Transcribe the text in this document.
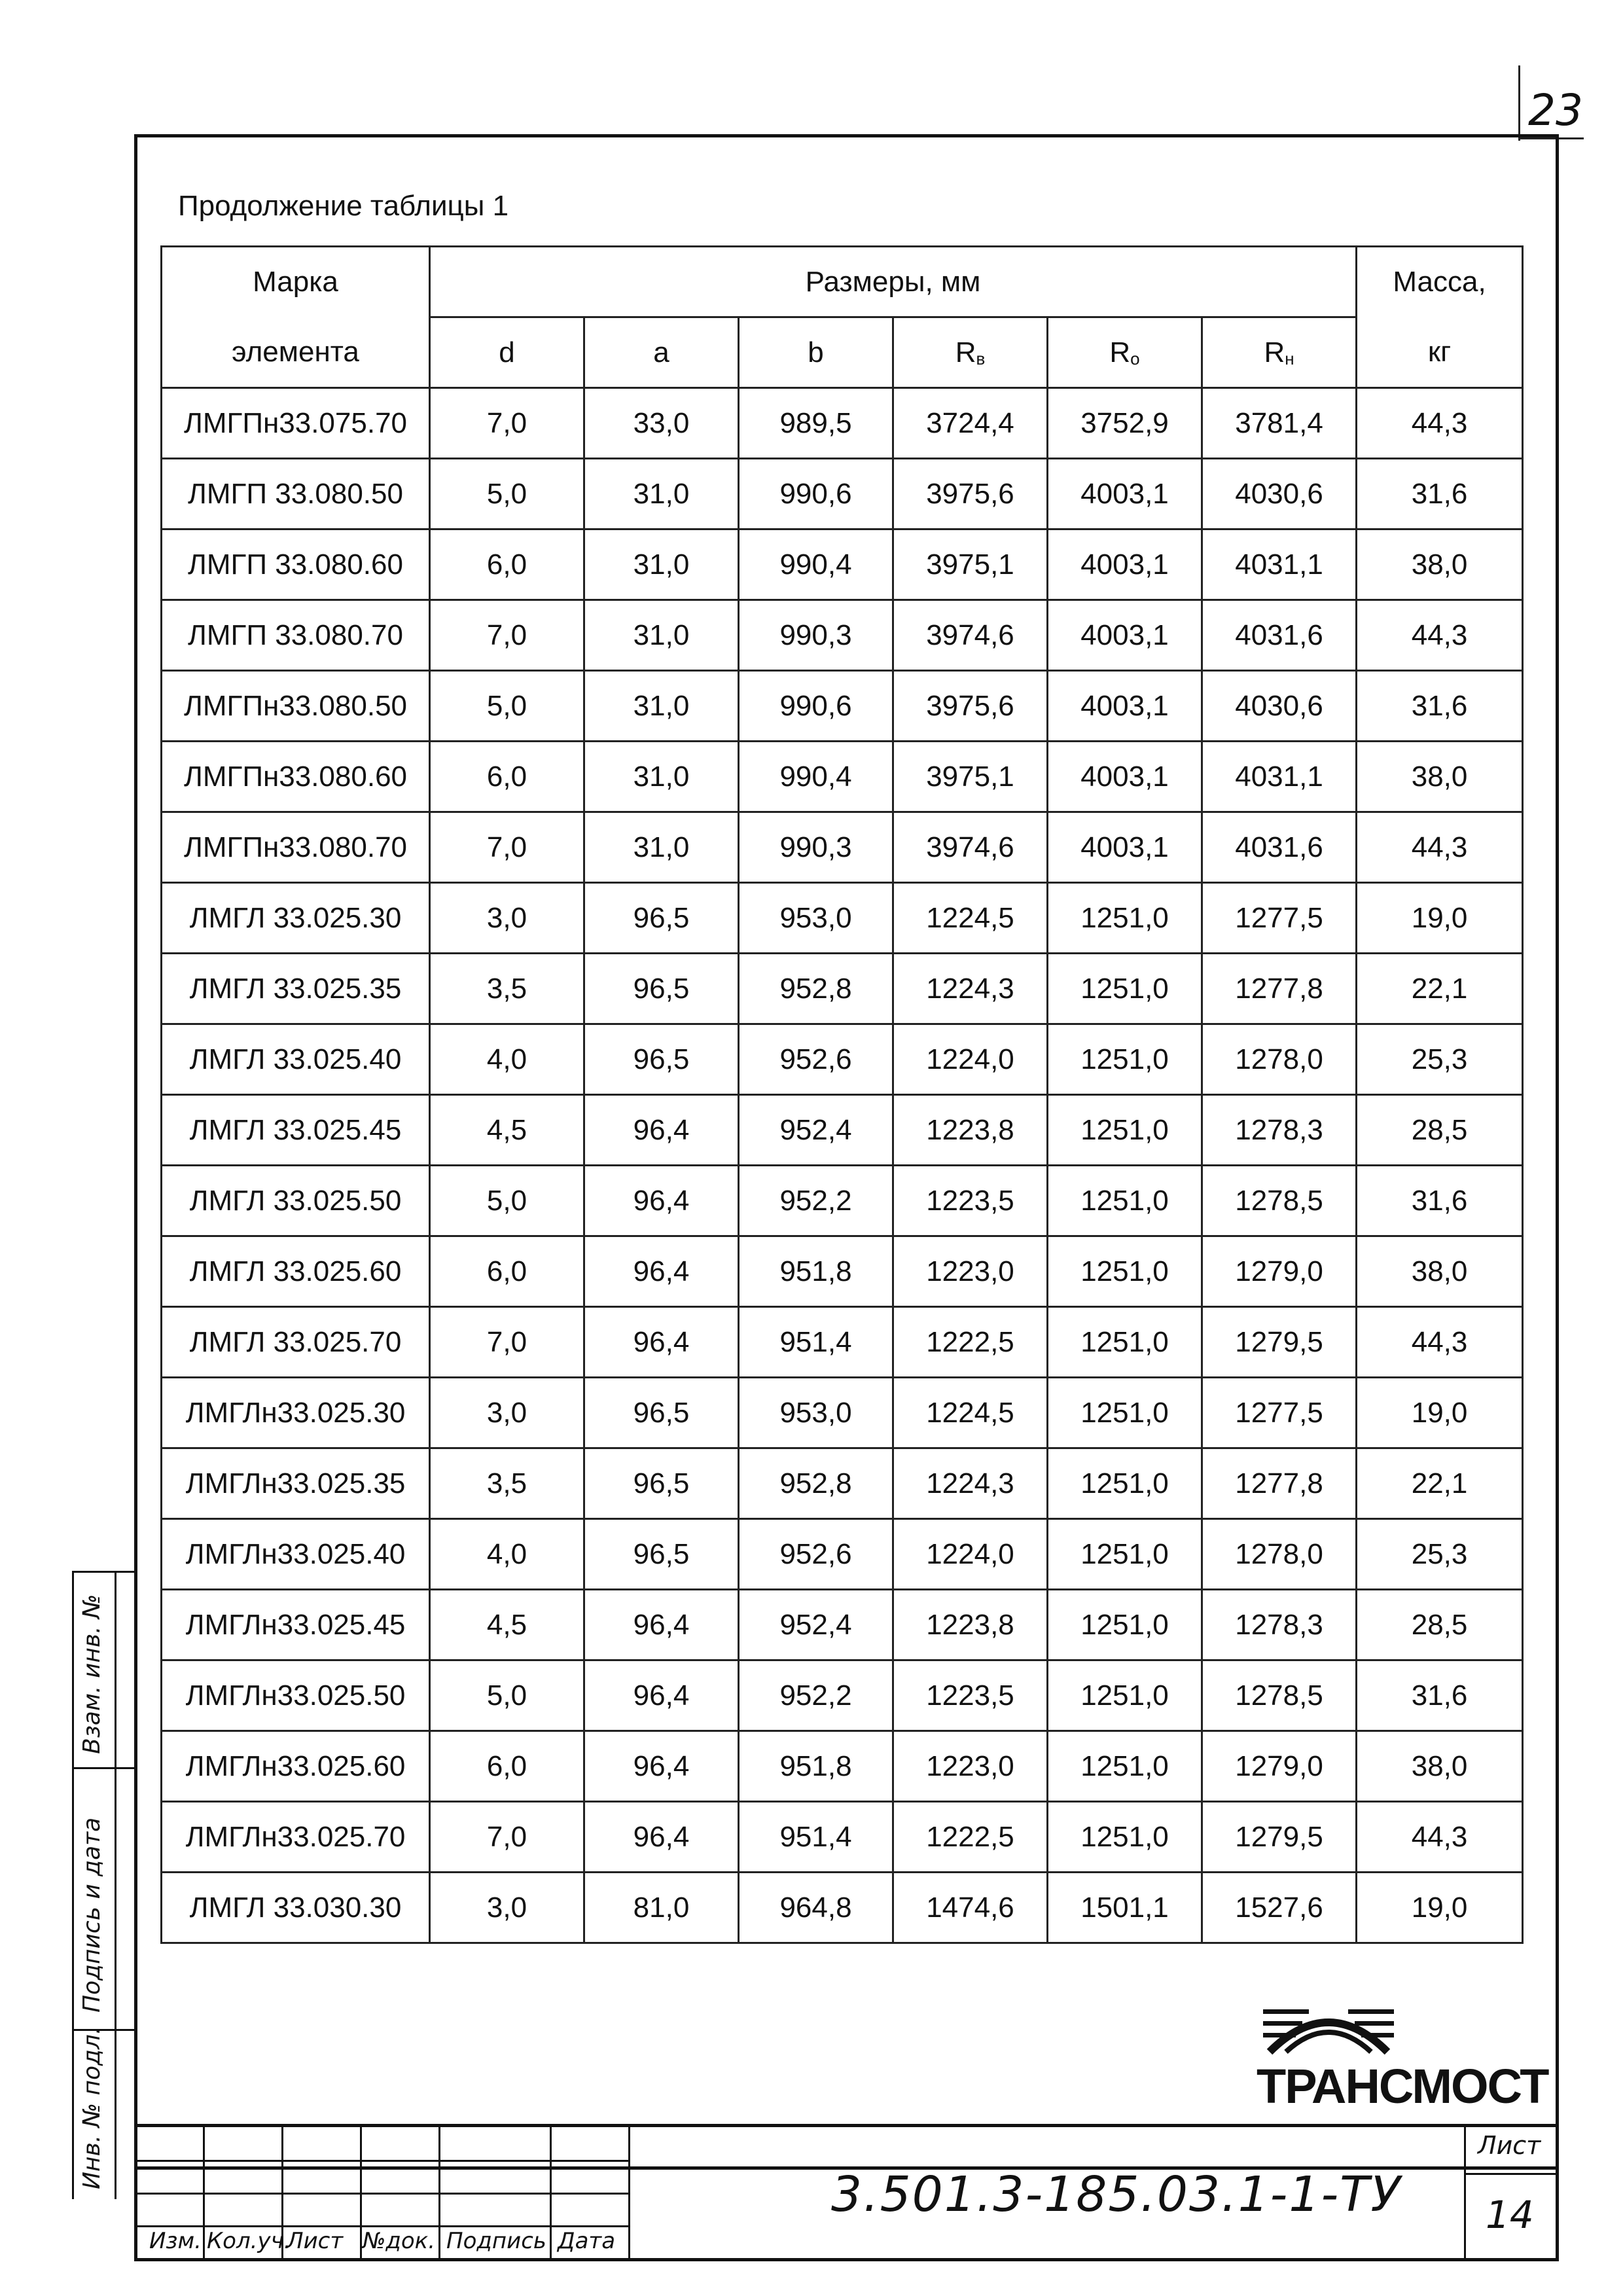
23
Продолжение таблицы 1
Марка	Размеры, мм						Масса,
элемента	d	a	b	$R_в$	$R_о$	$R_н$	кг
ЛМГПн33.075.70	7,0	33,0	989,5	3724,4	3752,9	3781,4	44,3
ЛМГП 33.080.50	5,0	31,0	990,6	3975,6	4003,1	4030,6	31,6
ЛМГП 33.080.60	6,0	31,0	990,4	3975,1	4003,1	4031,1	38,0
ЛМГП 33.080.70	7,0	31,0	990,3	3974,6	4003,1	4031,6	44,3
ЛМГПн33.080.50	5,0	31,0	990,6	3975,6	4003,1	4030,6	31,6
ЛМГПн33.080.60	6,0	31,0	990,4	3975,1	4003,1	4031,1	38,0
ЛМГПн33.080.70	7,0	31,0	990,3	3974,6	4003,1	4031,6	44,3
ЛМГЛ 33.025.30	3,0	96,5	953,0	1224,5	1251,0	1277,5	19,0
ЛМГЛ 33.025.35	3,5	96,5	952,8	1224,3	1251,0	1277,8	22,1
ЛМГЛ 33.025.40	4,0	96,5	952,6	1224,0	1251,0	1278,0	25,3
ЛМГЛ 33.025.45	4,5	96,4	952,4	1223,8	1251,0	1278,3	28,5
ЛМГЛ 33.025.50	5,0	96,4	952,2	1223,5	1251,0	1278,5	31,6
ЛМГЛ 33.025.60	6,0	96,4	951,8	1223,0	1251,0	1279,0	38,0
ЛМГЛ 33.025.70	7,0	96,4	951,4	1222,5	1251,0	1279,5	44,3
ЛМГЛн33.025.30	3,0	96,5	953,0	1224,5	1251,0	1277,5	19,0
ЛМГЛн33.025.35	3,5	96,5	952,8	1224,3	1251,0	1277,8	22,1
ЛМГЛн33.025.40	4,0	96,5	952,6	1224,0	1251,0	1278,0	25,3
ЛМГЛн33.025.45	4,5	96,4	952,4	1223,8	1251,0	1278,3	28,5
ЛМГЛн33.025.50	5,0	96,4	952,2	1223,5	1251,0	1278,5	31,6
ЛМГЛн33.025.60	6,0	96,4	951,8	1223,0	1251,0	1279,0	38,0
ЛМГЛн33.025.70	7,0	96,4	951,4	1222,5	1251,0	1279,5	44,3
ЛМГЛ 33.030.30	3,0	81,0	964,8	1474,6	1501,1	1527,6	19,0
Взам. инв. №
Подпись и дата
Инв. № подл.	ТРАНСМОСТ
Изм. Кол.уч.
Лист №док. Подпись Дата
3.501.3-185.03.1-1-ТУ
Лист
14
